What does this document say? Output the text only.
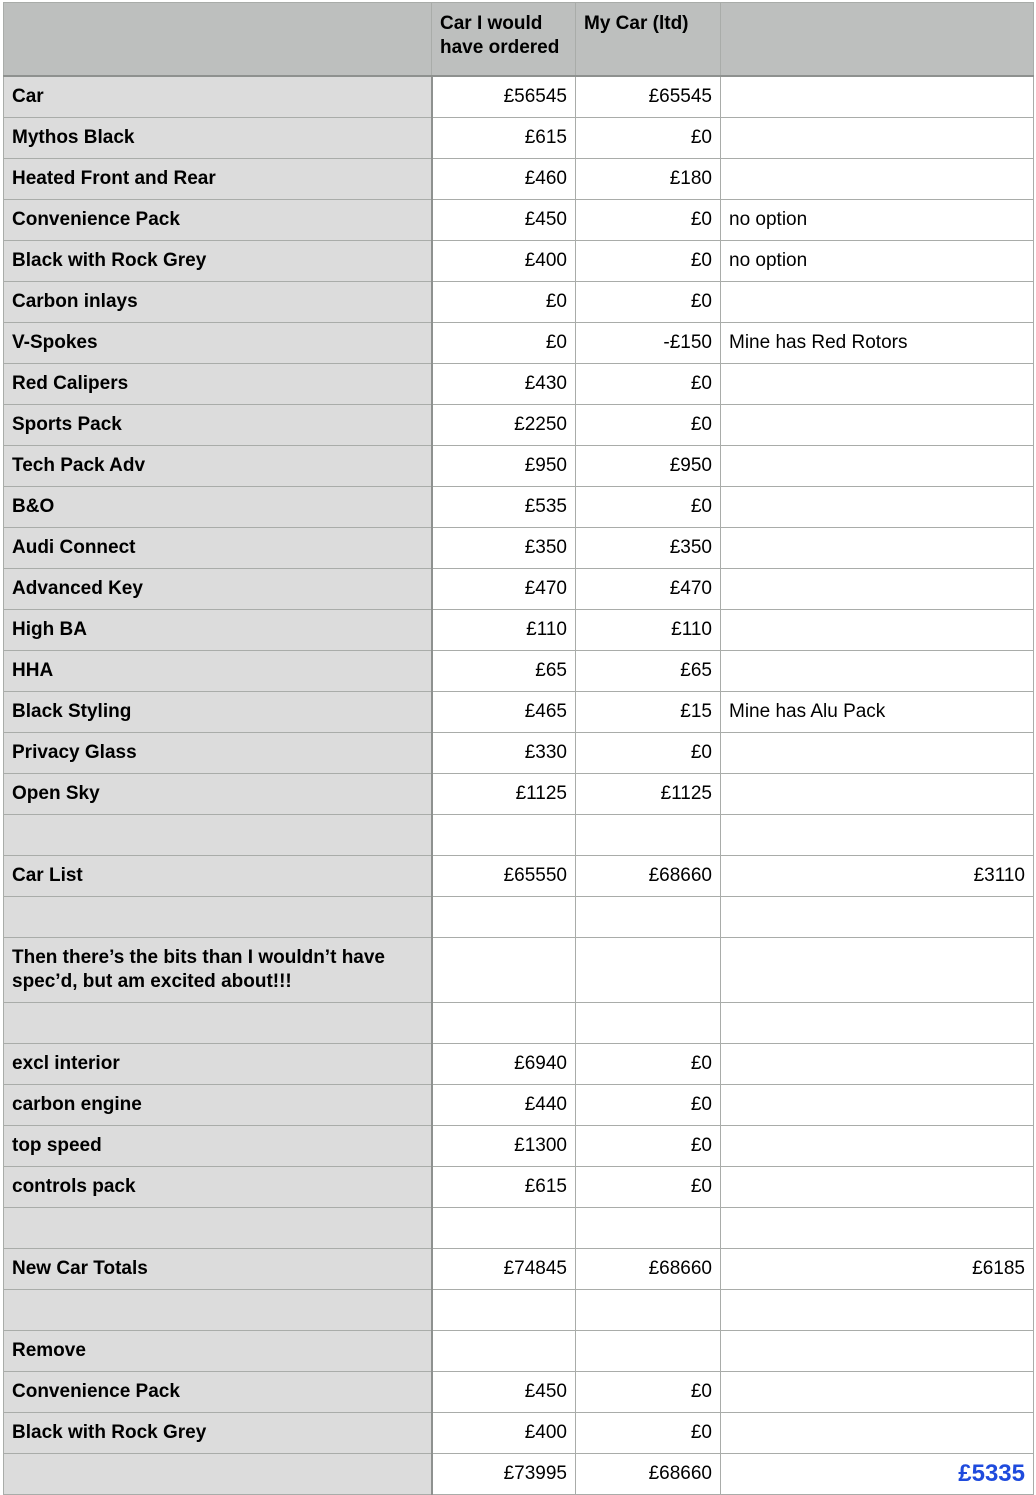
	Car I would have ordered	My Car (ltd)	
Car	£56545	£65545	
Mythos Black	£615	£0	
Heated Front and Rear	£460	£180	
Convenience Pack	£450	£0	no option
Black with Rock Grey	£400	£0	no option
Carbon inlays	£0	£0	
V-Spokes	£0	-£150	Mine has Red Rotors
Red Calipers	£430	£0	
Sports Pack	£2250	£0	
Tech Pack Adv	£950	£950	
B&O	£535	£0	
Audi Connect	£350	£350	
Advanced Key	£470	£470	
High BA	£110	£110	
HHA	£65	£65	
Black Styling	£465	£15	Mine has Alu Pack
Privacy Glass	£330	£0	
Open Sky	£1125	£1125	

Car List	£65550	£68660	£3110

Then there’s the bits than I wouldn’t have spec’d, but am excited about!!!			

excl interior	£6940	£0	
carbon engine	£440	£0	
top speed	£1300	£0	
controls pack	£615	£0	

New Car Totals	£74845	£68660	£6185

Remove			
Convenience Pack	£450	£0	
Black with Rock Grey	£400	£0	
	£73995	£68660	£5335
